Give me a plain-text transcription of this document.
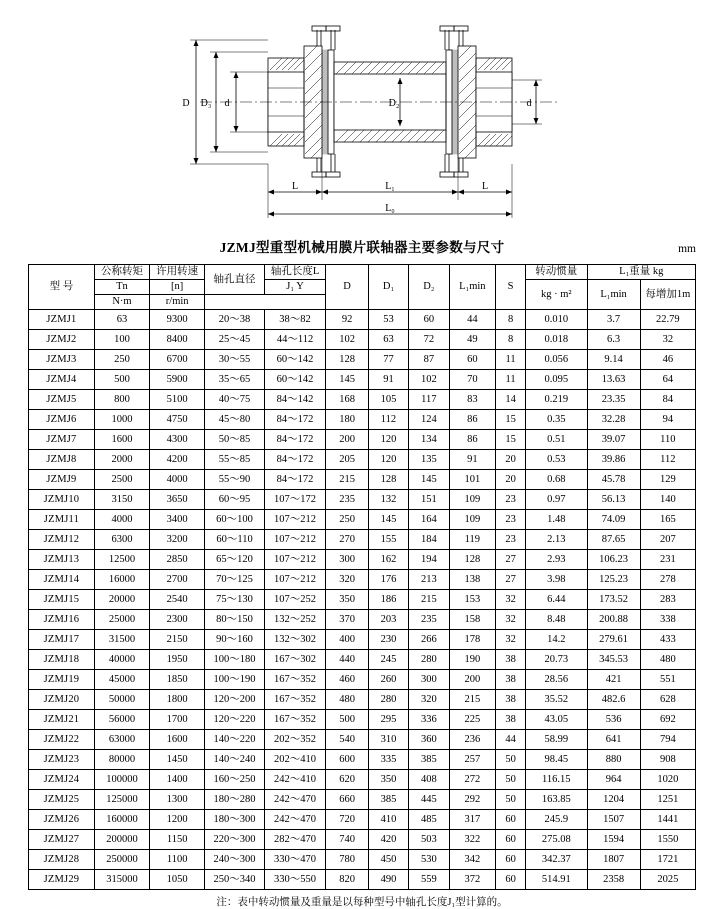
D D₃ d	D₂	d
L	L₁	L
L₀
JZMJ型重型机械用膜片联轴器主要参数与尺寸	mm
型 号	公称转矩	许用转速	轴孔直径	轴孔长度L	D	D₁	D₂	L₁min	S	转动惯量	L₁重量 kg	
	Tn	[n]		J₁ Y						kg · m²	L₁min	每增加1m
	N·m	r/min										
JZMJ1	63	9300	20～38	38～82	92	53	60	44	8	0.010	3.7	22.79
JZMJ2	100	8400	25～45	44～112	102	63	72	49	8	0.018	6.3	32
JZMJ3	250	6700	30～55	60～142	128	77	87	60	11	0.056	9.14	46
JZMJ4	500	5900	35～65	60～142	145	91	102	70	11	0.095	13.63	64
JZMJ5	800	5100	40～75	84～142	168	105	117	83	14	0.219	23.35	84
JZMJ6	1000	4750	45～80	84～172	180	112	124	86	15	0.35	32.28	94
JZMJ7	1600	4300	50～85	84～172	200	120	134	86	15	0.51	39.07	110
JZMJ8	2000	4200	55～85	84～172	205	120	135	91	20	0.53	39.86	112
JZMJ9	2500	4000	55～90	84～172	215	128	145	101	20	0.68	45.78	129
JZMJ10	3150	3650	60～95	107～172	235	132	151	109	23	0.97	56.13	140
JZMJ11	4000	3400	60～100	107～212	250	145	164	109	23	1.48	74.09	165
JZMJ12	6300	3200	60～110	107～212	270	155	184	119	23	2.13	87.65	207
JZMJ13	12500	2850	65～120	107～212	300	162	194	128	27	2.93	106.23	231
JZMJ14	16000	2700	70～125	107～212	320	176	213	138	27	3.98	125.23	278
JZMJ15	20000	2540	75～130	107～252	350	186	215	153	32	6.44	173.52	283
JZMJ16	25000	2300	80～150	132～252	370	203	235	158	32	8.48	200.88	338
JZMJ17	31500	2150	90～160	132～302	400	230	266	178	32	14.2	279.61	433
JZMJ18	40000	1950	100～180	167～302	440	245	280	190	38	20.73	345.53	480
JZMJ19	45000	1850	100～190	167～352	460	260	300	200	38	28.56	421	551
JZMJ20	50000	1800	120～200	167～352	480	280	320	215	38	35.52	482.6	628
JZMJ21	56000	1700	120～220	167～352	500	295	336	225	38	43.05	536	692
JZMJ22	63000	1600	140～220	202～352	540	310	360	236	44	58.99	641	794
JZMJ23	80000	1450	140～240	202～410	600	335	385	257	50	98.45	880	908
JZMJ24	100000	1400	160～250	242～410	620	350	408	272	50	116.15	964	1020
JZMJ25	125000	1300	180～280	242～470	660	385	445	292	50	163.85	1204	1251
JZMJ26	160000	1200	180～300	242～470	720	410	485	317	60	245.9	1507	1441
JZMJ27	200000	1150	220～300	282～470	740	420	503	322	60	275.08	1594	1550
JZMJ28	250000	1100	240～300	330～470	780	450	530	342	60	342.37	1807	1721
JZMJ29	315000	1050	250～340	330～550	820	490	559	372	60	514.91	2358	2025
注：表中转动惯量及重量是以每种型号中轴孔长度J₁型计算的。
